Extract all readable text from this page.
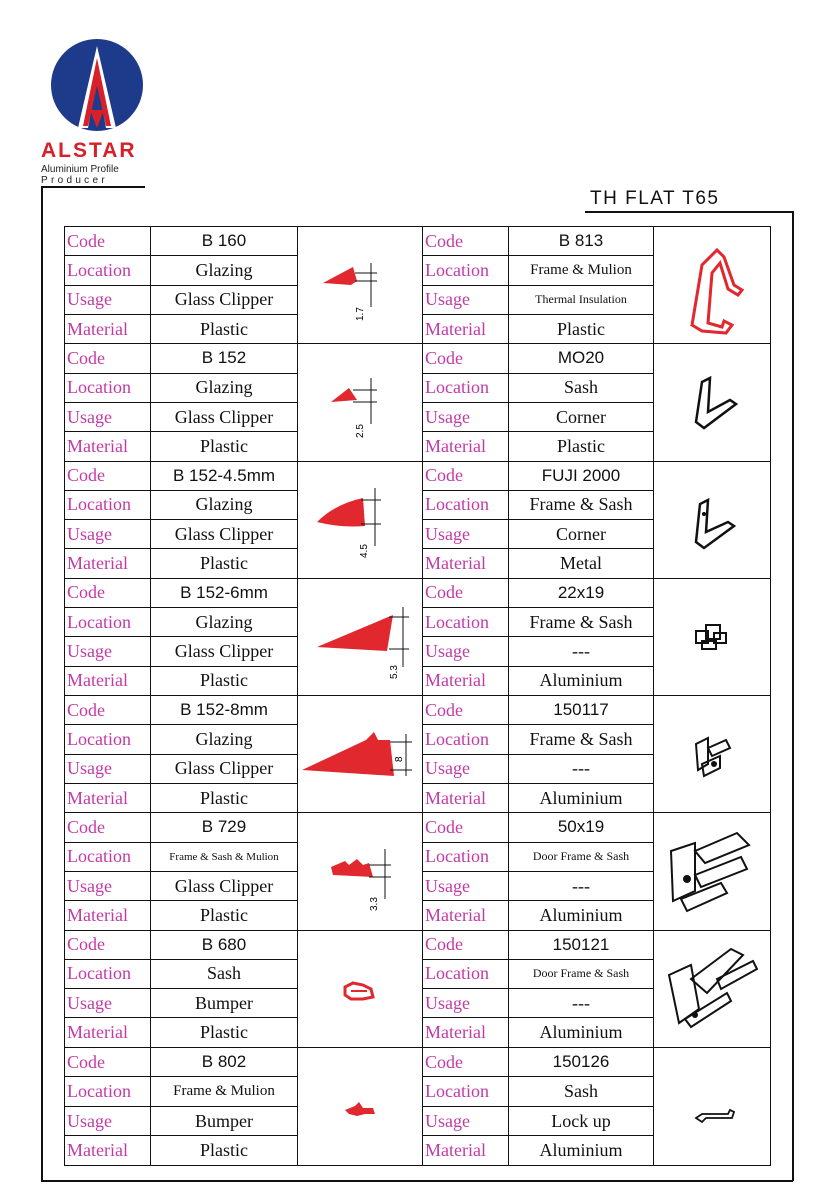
ALSTAR
Aluminium Profile
Producer
TH FLAT T65
Code	B 160
Location	Glazing
Usage	Glass Clipper
Material	Plastic
1.7
Code	B 813
Location	Frame & Mulion
Usage	Thermal Insulation
Material	Plastic
Code	B 152
Location	Glazing
Usage	Glass Clipper
Material	Plastic
2.5
Code	MO20
Location	Sash
Usage	Corner
Material	Plastic
Code	B 152-4.5mm
Location	Glazing
Usage	Glass Clipper
Material	Plastic
4.5
Code	FUJI 2000
Location	Frame & Sash
Usage	Corner
Material	Metal
Code	B 152-6mm
Location	Glazing
Usage	Glass Clipper
Material	Plastic	5.3
Code	22x19
Location	Frame & Sash
Usage	---
Material	Aluminium
Code	B 152-8mm
Location	Glazing
Usage	Glass Clipper
Material	Plastic
8
Code	150117
Location	Frame & Sash
Usage	---
Material	Aluminium
Code	B 729
Location	Frame & Sash & Mulion
Usage	Glass Clipper
Material	Plastic
3.3
Code	50x19
Location	Door Frame & Sash
Usage	---
Material	Aluminium
Code	B 680
Location	Sash
Usage	Bumper
Material	Plastic
Code	150121
Location	Door Frame & Sash
Usage	---
Material	Aluminium
Code	B 802
Location	Frame & Mulion
Usage	Bumper
Material	Plastic
Code	150126
Location	Sash
Usage	Lock up
Material	Aluminium
